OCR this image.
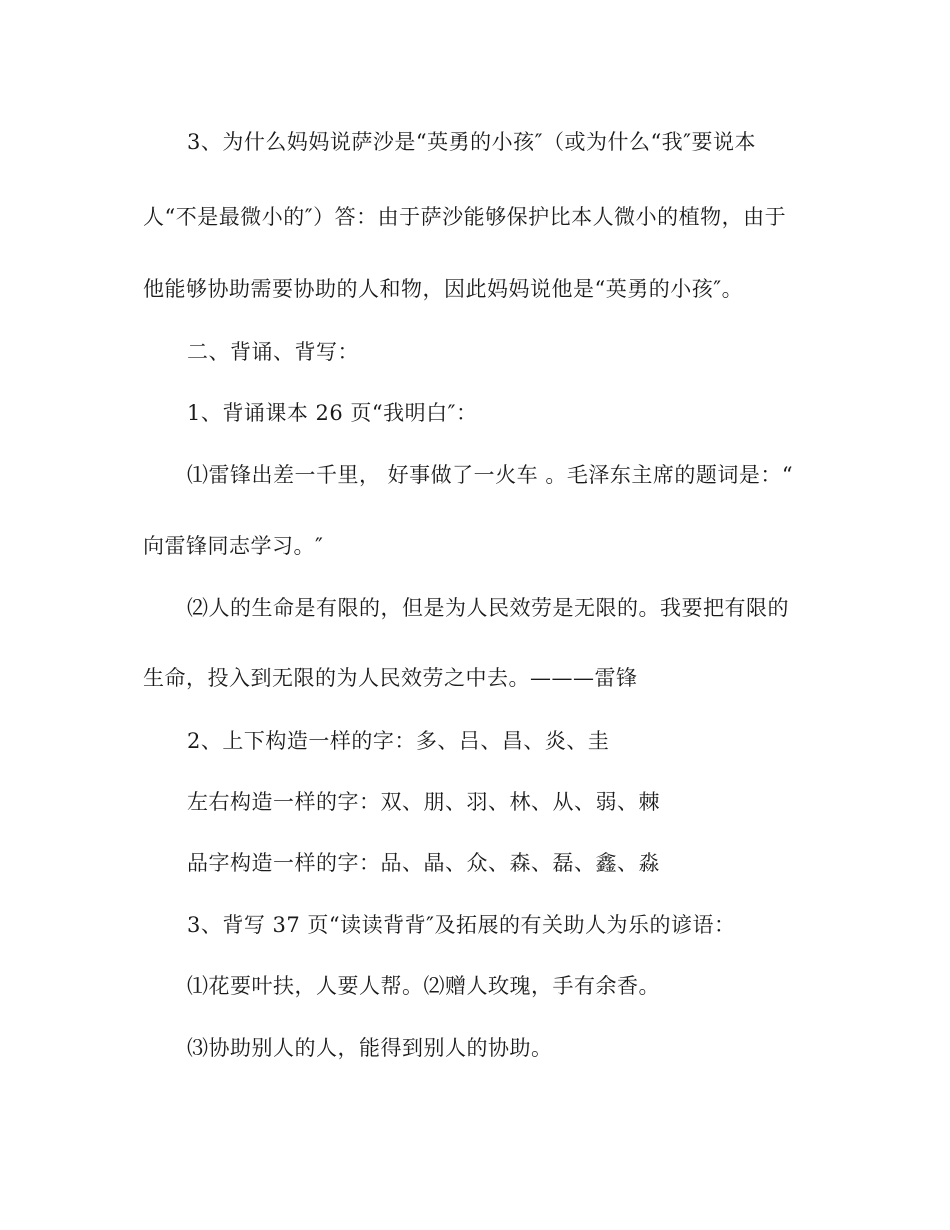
3、为什么妈妈说萨沙是“英勇的小孩″（或为什么“我″要说本
人“不是最微小的″）答：由于萨沙能够保护比本人微小的植物，由于
他能够协助需要协助的人和物，因此妈妈说他是“英勇的小孩″。
二、背诵、背写：
1、背诵课本 26 页“我明白″：
⑴雷锋出差一千里， 好事做了一火车 。毛泽东主席的题词是：“
向雷锋同志学习。″
⑵人的生命是有限的，但是为人民效劳是无限的。我要把有限的
生命，投入到无限的为人民效劳之中去。———雷锋
2、上下构造一样的字：多、吕、昌、炎、圭
左右构造一样的字：双、朋、羽、林、从、弱、棘
品字构造一样的字：品、晶、众、森、磊、鑫、淼
3、背写 37 页“读读背背″及拓展的有关助人为乐的谚语：
⑴花要叶扶，人要人帮。⑵赠人玫瑰，手有余香。
⑶协助别人的人，能得到别人的协助。
